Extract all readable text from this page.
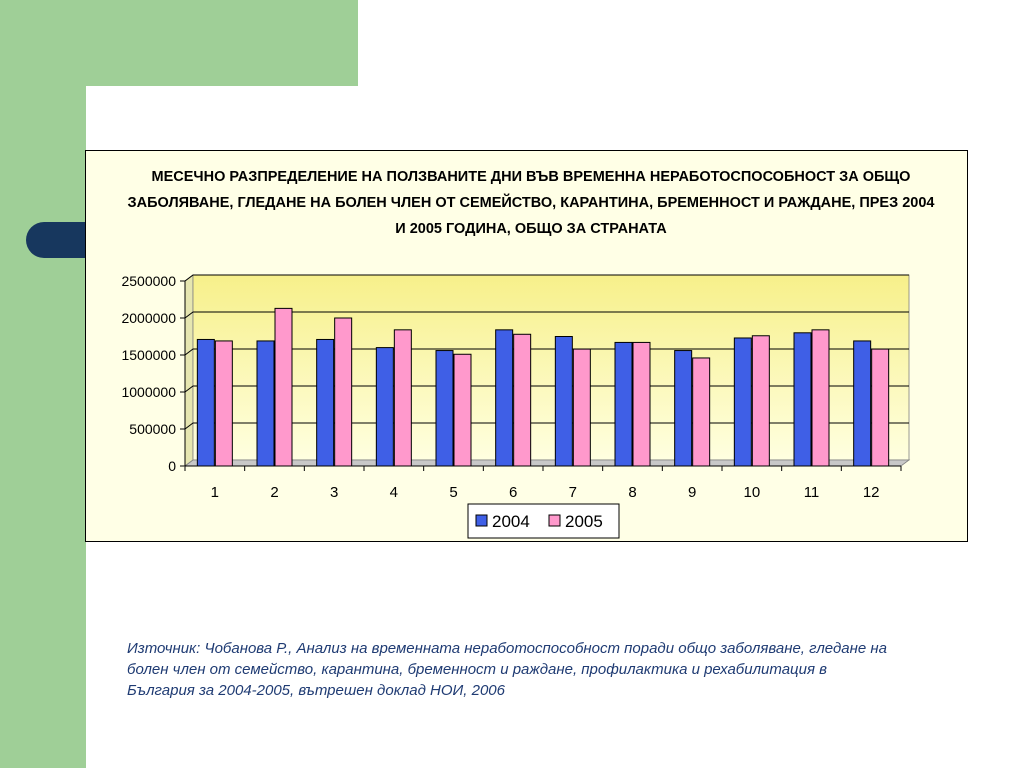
МЕСЕЧНО РАЗПРЕДЕЛЕНИЕ НА ПОЛЗВАНИТЕ ДНИ ВЪВ ВРЕМЕННА НЕРАБОТОСПОСОБНОСТ ЗА ОБЩО ЗАБОЛЯВАНЕ, ГЛЕДАНЕ НА БОЛЕН ЧЛЕН ОТ СЕМЕЙСТВО, КАРАНТИНА, БРЕМЕННОСТ И РАЖДАНЕ, ПРЕЗ 2004 И 2005 ГОДИНА, ОБЩО ЗА СТРАНАТА
0
500000
1000000
1500000
2000000
2500000
1	2	3	4	5	6	7	8	9	10	11	12
2004 2005
Източник: Чобанова Р., Анализ на временната неработоспособност поради общо заболяване, гледане на болен член от семейство, карантина, бременност и раждане, профилактика и рехабилитация в България за 2004-2005, вътрешен доклад НОИ, 2006
